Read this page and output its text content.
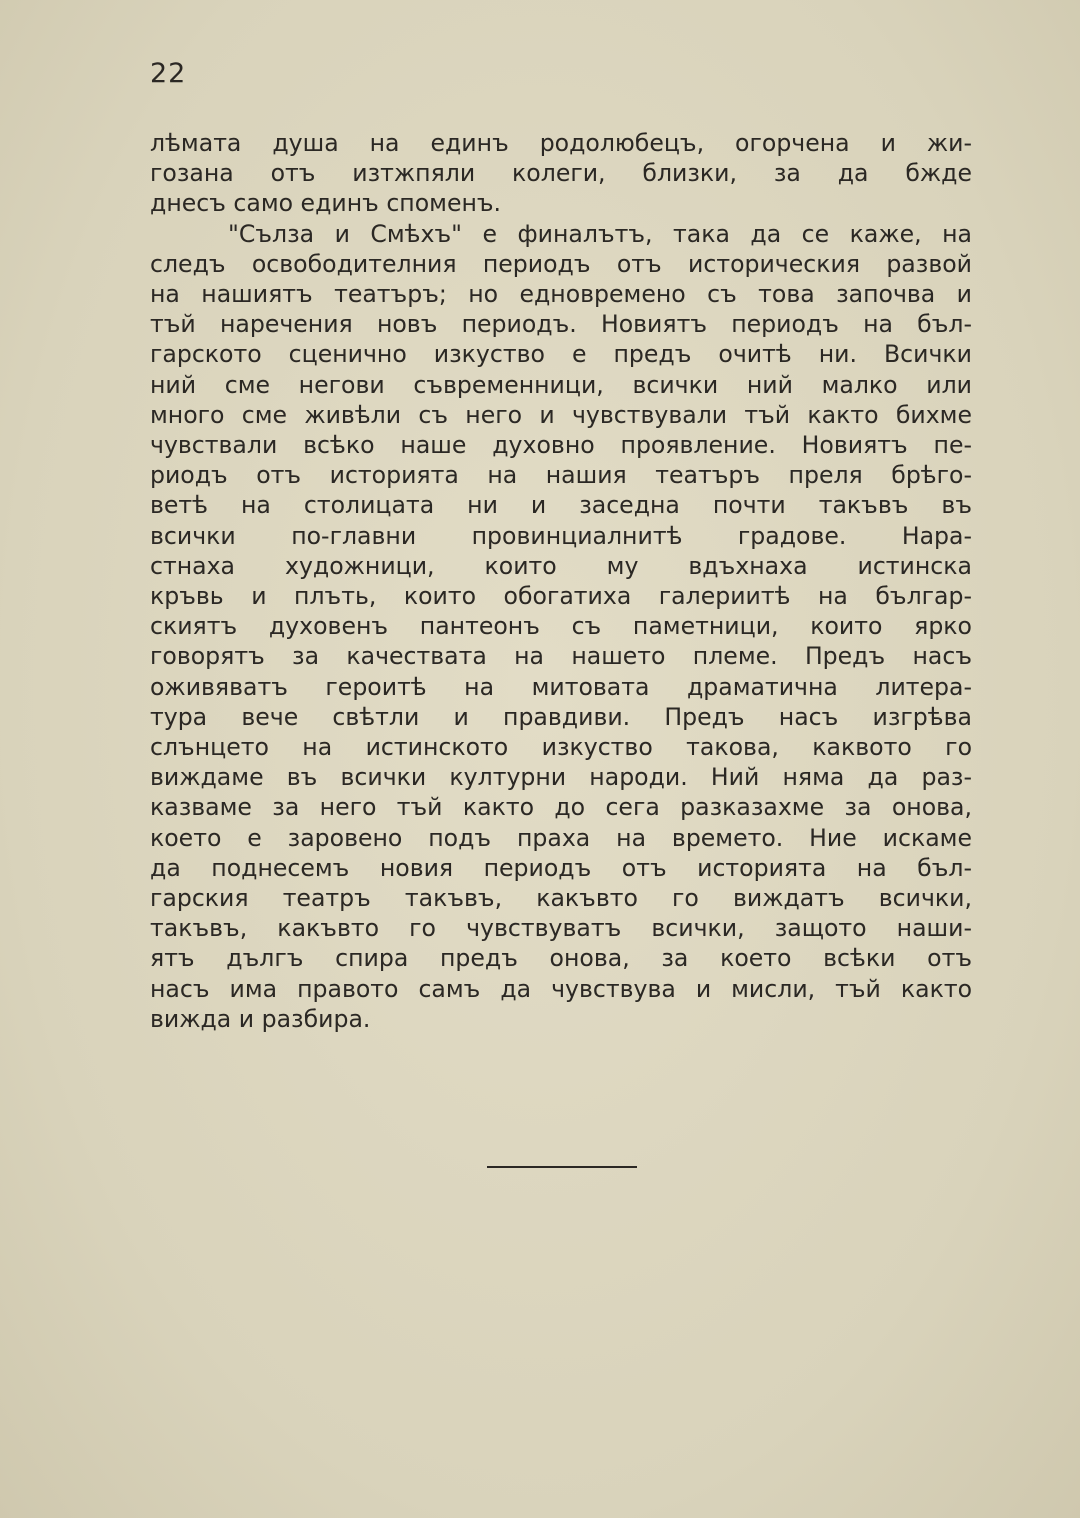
22
лѣмата душа на единъ родолюбецъ, огорчена и жи-
гозана отъ изтжпяли колеги, близки, за да бжде
днесъ само единъ споменъ.
"Сълза и Смѣхъ" е финалътъ, така да се каже, на
следъ освободителния периодъ отъ историческия развой
на нашиятъ театъръ; но едновремено съ това започва и
тъй наречения новъ периодъ. Новиятъ периодъ на бъл-
гарското сценично изкуство е предъ очитѣ ни. Всички
ний сме негови съвременници, всички ний малко или
много сме живѣли съ него и чувствували тъй както бихме
чувствали всѣко наше духовно проявление. Новиятъ пе-
риодъ отъ историята на нашия театъръ преля брѣго-
ветѣ на столицата ни и заседна почти такъвъ въ
всички по-главни провинциалнитѣ градове. Нара-
стнаха художници, които му вдъхнаха истинска
кръвь и плъть, които обогатиха галериитѣ на българ-
скиятъ духовенъ пантеонъ съ паметници, които ярко
говорятъ за качествата на нашето племе. Предъ насъ
оживяватъ героитѣ на митовата драматична литера-
тура вече свѣтли и правдиви. Предъ насъ изгрѣва
слънцето на истинското изкуство такова, каквото го
виждаме въ всички културни народи. Ний няма да раз-
казваме за него тъй както до сега разказахме за онова,
което е заровено подъ праха на времето. Ние искаме
да поднесемъ новия периодъ отъ историята на бъл-
гарския театръ такъвъ, какъвто го виждатъ всички,
такъвъ, какъвто го чувствуватъ всички, защото наши-
ятъ дългъ спира предъ онова, за което всѣки отъ
насъ има правото самъ да чувствува и мисли, тъй както
вижда и разбира.
